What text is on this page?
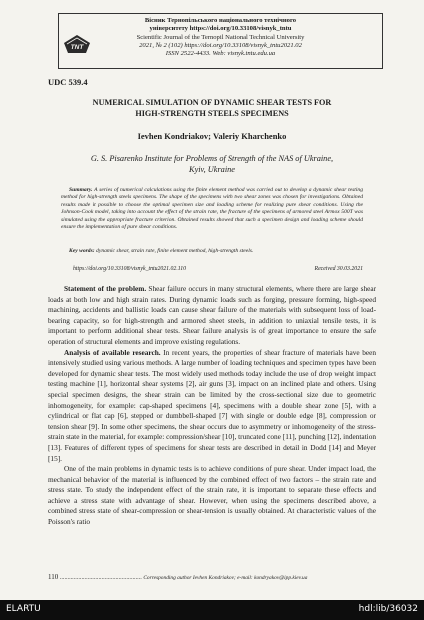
Вісник Тернопільського національного технічного
університету https://doi.org/10.33108/visnyk_tntu
Scientific Journal of the Ternopil National Technical University
2021, № 2 (102) https://doi.org/10.33108/visnyk_tntu2021.02
ISSN 2522-4433. Web: visnyk.tntu.edu.ua
TNT
UDC 539.4
NUMERICAL SIMULATION OF DYNAMIC SHEAR TESTS FOR
HIGH-STRENGTH STEELS SPECIMENS
Ievhen Kondriakov; Valeriy Kharchenko
G. S. Pisarenko Institute for Problems of Strength of the NAS of Ukraine,
Kyiv, Ukraine
Summary. A series of numerical calculations using the finite element method was carried out to develop a dynamic shear testing method for high-strength steels specimens. The shape of the specimens with two shear zones was chosen for investigations. Obtained results made it possible to choose the optimal specimen size and loading scheme for realizing pure shear conditions. Using the Johnson-Cook model, taking into account the effect of the strain rate, the fracture of the specimens of armored steel Armox 500T was simulated using the appropriate fracture criterion. Obtained results showed that such a specimen design and loading scheme should ensure the implementation of pure shear conditions.
Key words: dynamic shear, strain rate, finite element method, high-strength steels.
https://doi.org/10.33108/visnyk_tntu2021.02.110	Received 30.03.2021

Statement of the problem. Shear failure occurs in many structural elements, where there are large shear loads at both low and high strain rates. During dynamic loads such as forging, pressure forming, high-speed machining, accidents and ballistic loads can cause shear failure of the materials with subsequent loss of load-bearing capacity, so for high-strength and armored sheet steels, in addition to uniaxial tensile tests, it is important to perform additional shear tests. Shear failure analysis is of great importance to ensure the safe operation of structural elements and improve existing regulations.

Analysis of available research. In recent years, the properties of shear fracture of materials have been intensively studied using various methods. A large number of loading techniques and specimen types have been developed for dynamic shear tests. The most widely used methods today include the use of drop weight impact testing machine [1], horizontal shear systems [2], air guns [3], impact on an inclined plate and others. Using special specimen designs, the shear strain can be limited by the cross-sectional size due to geometric inhomogeneity, for example: cap-shaped specimens [4], specimens with a double shear zone [5], with a cylindrical or flat cap [6], stepped or dumbbell-shaped [7] with single or double edge [8], compression or tension shear [9]. In some other specimens, the shear occurs due to asymmetry or inhomogeneity of the stress-strain state in the material, for example: compression/shear [10], truncated cone [11], punching [12], indentation [13]. Features of different types of specimens for shear tests are described in detail in Dodd [14] and Meyer [15].

One of the main problems in dynamic tests is to achieve conditions of pure shear. Under impact load, the mechanical behavior of the material is influenced by the combined effect of two factors – the strain rate and stress state. To study the independent effect of the strain rate, it is important to separate these effects and achieve a stress state with advantage of shear. However, when using the specimens described above, a combined stress state of shear-compression or shear-tension is usually obtained. At characteristic values of the Poisson's ratio

110 ..................................................... Corresponding author Ievhen Kondriakov; e-mail: kondryakov@ipp.kiev.ua
ELARTU	hdl:lib/36032
